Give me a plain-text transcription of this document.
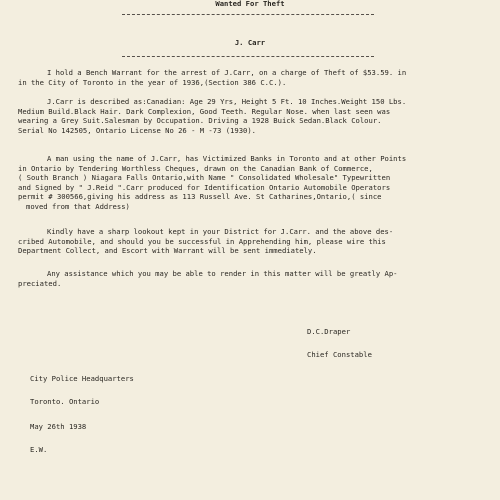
Wanted For Theft
J. Carr
I hold a Bench Warrant for the arrest of J.Carr, on a charge of Theft of $53.59. in
in the City of Toronto in the year of 1936,(Section 386 C.C.).
J.Carr is described as:Canadian: Age 29 Yrs, Height 5 Ft. 10 Inches.Weight 150 Lbs.
Medium Build.Black Hair. Dark Complexion, Good Teeth. Regular Nose. when last seen was
wearing a Grey Suit.Salesman by Occupation. Driving a 1928 Buick Sedan.Black Colour.
Serial No 142505, Ontario License No 26 - M -73 (1930).
A man using the name of J.Carr, has Victimized Banks in Toronto and at other Points
in Ontario by Tendering Worthless Cheques, drawn on the Canadian Bank of Commerce,
( South Branch ) Niagara Falls Ontario,with Name " Consolidated Wholesale" Typewritten
and Signed by " J.Reid ".Carr produced for Identification Ontario Automobile Operators
permit # 300566,giving his address as 113 Russell Ave. St Catharines,Ontario,( since
moved from that Address)
Kindly have a sharp lookout kept in your District for J.Carr. and the above des-
cribed Automobile, and should you be successful in Apprehending him, please wire this
Department Collect, and Escort with Warrant will be sent immediately.
Any assistance which you may be able to render in this matter will be greatly Ap-
preciated.
D.C.Draper
Chief Constable
City Police Headquarters
Toronto. Ontario
May 26th 1938
E.W.
